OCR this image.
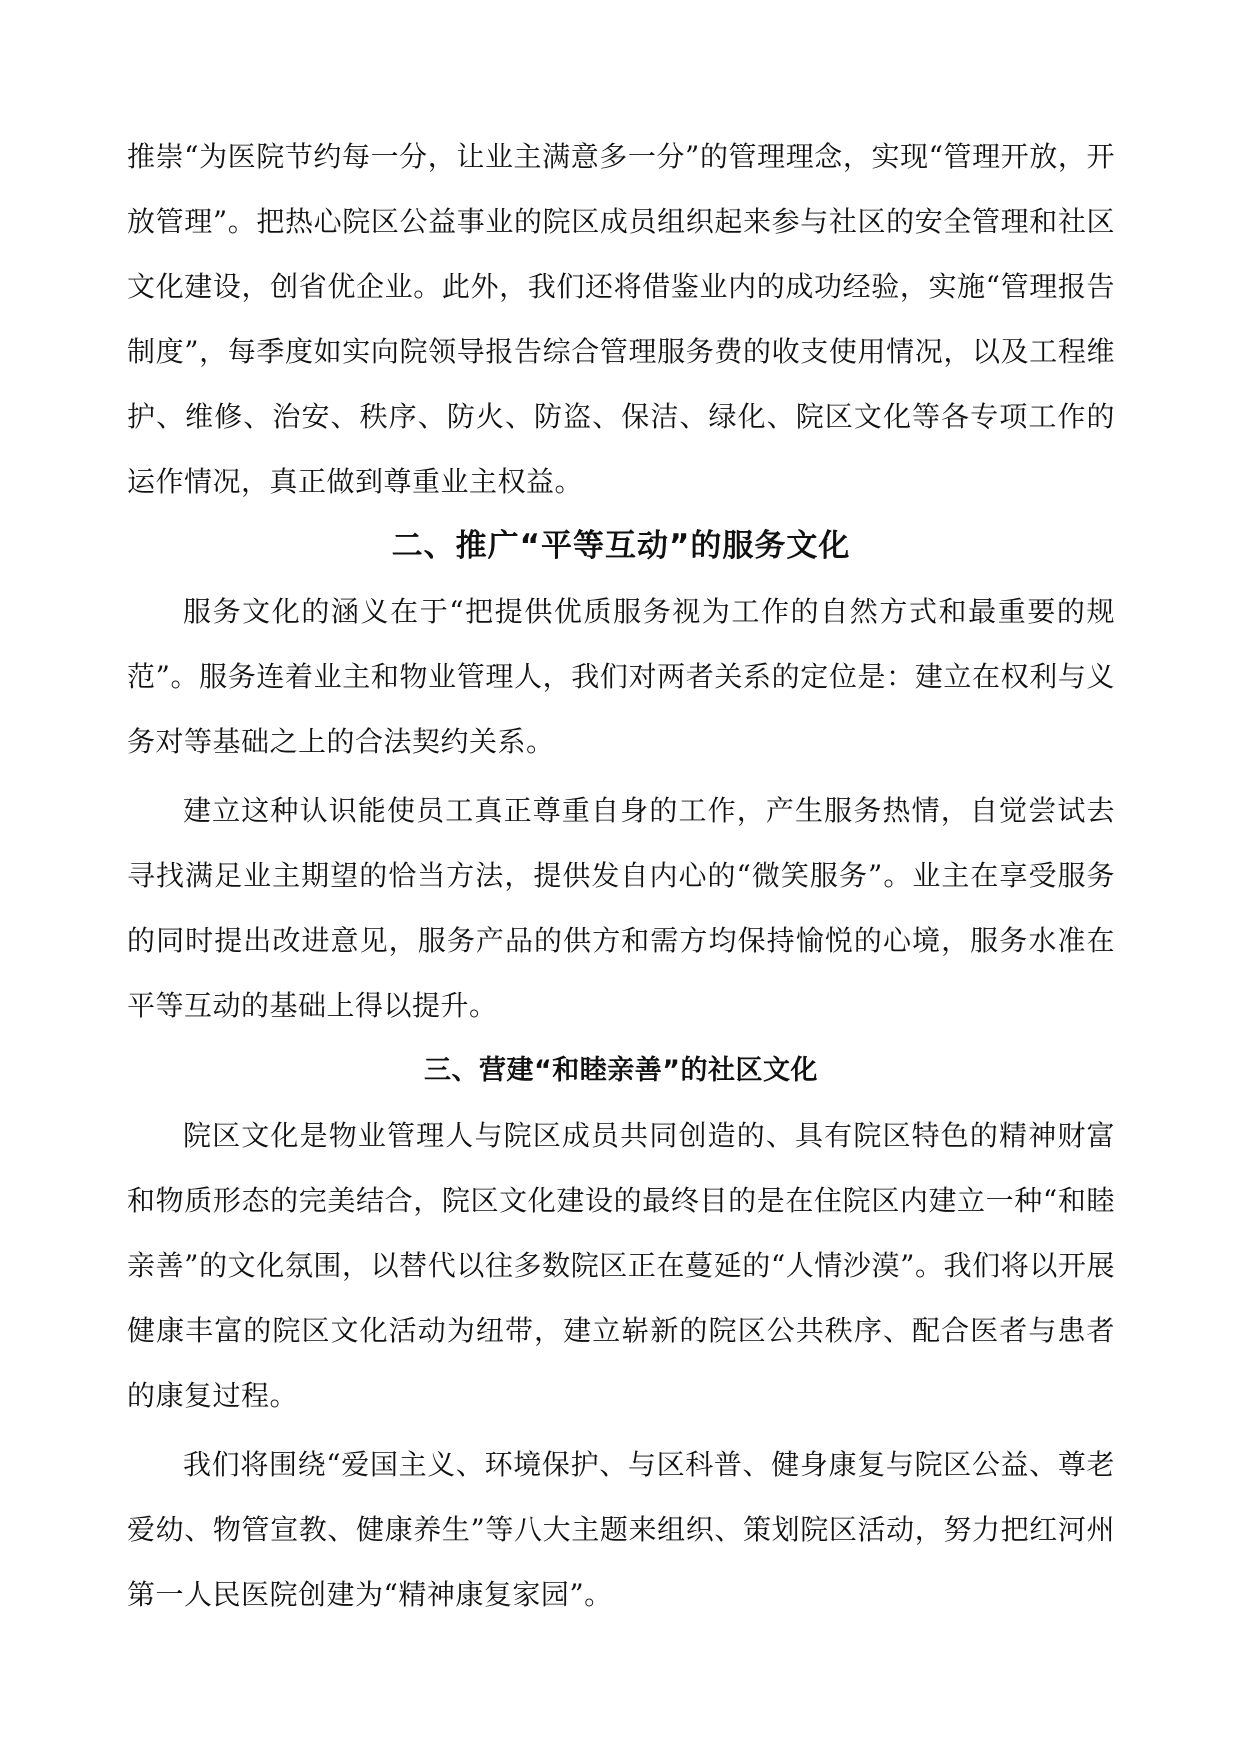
推崇“为医院节约每一分，让业主满意多一分”的管理理念，实现“管理开放，开放管理”。把热心院区公益事业的院区成员组织起来参与社区的安全管理和社区文化建设，创省优企业。此外，我们还将借鉴业内的成功经验，实施“管理报告制度”，每季度如实向院领导报告综合管理服务费的收支使用情况，以及工程维护、维修、治安、秩序、防火、防盗、保洁、绿化、院区文化等各专项工作的运作情况，真正做到尊重业主权益。

二、推广“平等互动”的服务文化

服务文化的涵义在于“把提供优质服务视为工作的自然方式和最重要的规范”。服务连着业主和物业管理人，我们对两者关系的定位是：建立在权利与义务对等基础之上的合法契约关系。

建立这种认识能使员工真正尊重自身的工作，产生服务热情，自觉尝试去寻找满足业主期望的恰当方法，提供发自内心的“微笑服务”。业主在享受服务的同时提出改进意见，服务产品的供方和需方均保持愉悦的心境，服务水准在平等互动的基础上得以提升。

三、营建“和睦亲善”的社区文化

院区文化是物业管理人与院区成员共同创造的、具有院区特色的精神财富和物质形态的完美结合，院区文化建设的最终目的是在住院区内建立一种“和睦亲善”的文化氛围，以替代以往多数院区正在蔓延的“人情沙漠”。我们将以开展健康丰富的院区文化活动为纽带，建立崭新的院区公共秩序、配合医者与患者的康复过程。

我们将围绕“爱国主义、环境保护、与区科普、健身康复与院区公益、尊老爱幼、物管宣教、健康养生”等八大主题来组织、策划院区活动，努力把红河州第一人民医院创建为“精神康复家园”。
